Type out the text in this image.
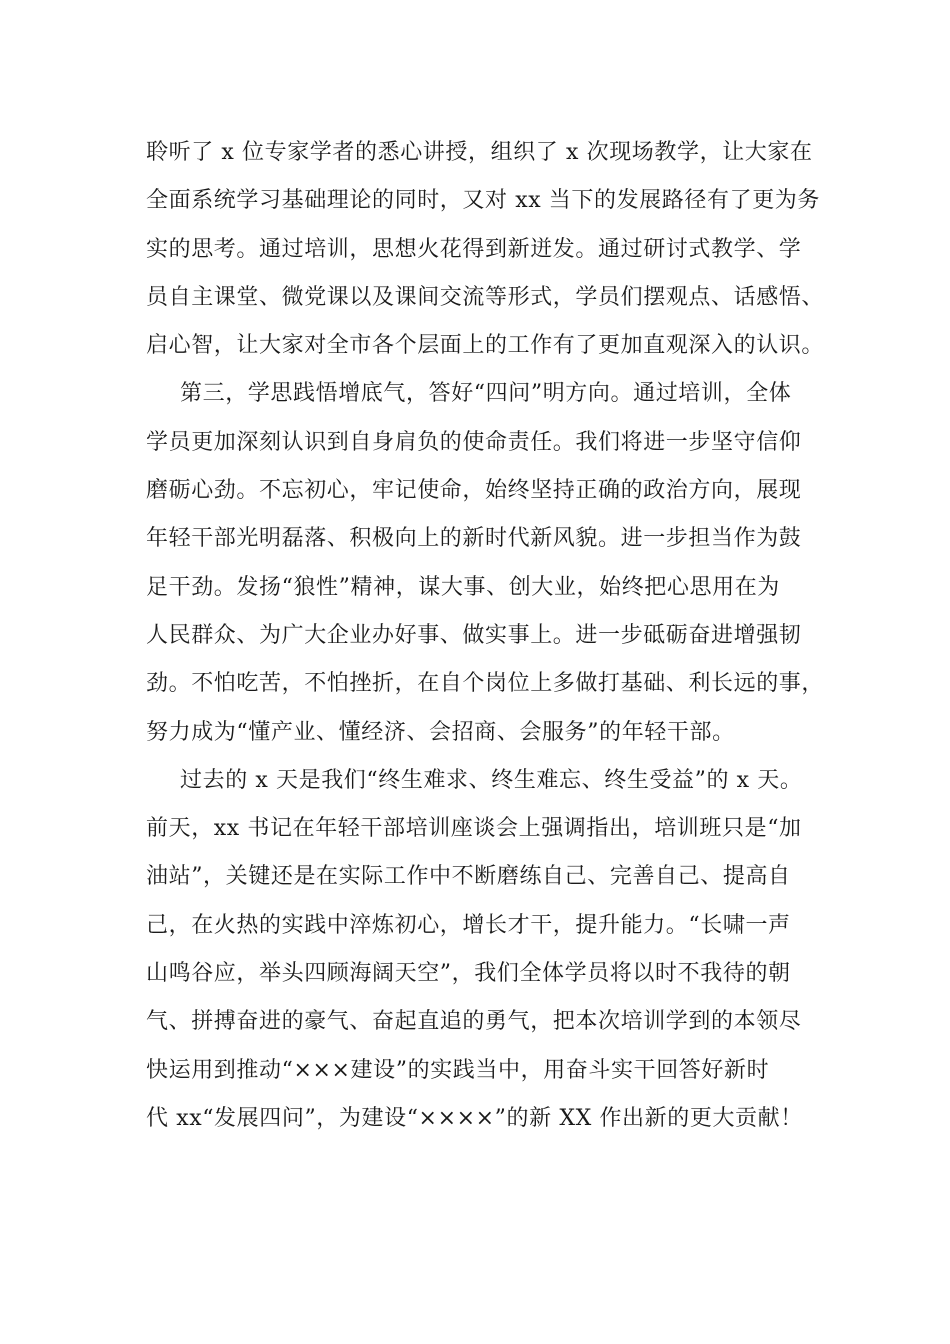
聆听了 x 位专家学者的悉心讲授，组织了 x 次现场教学，让大家在
全面系统学习基础理论的同时，又对 xx 当下的发展路径有了更为务
实的思考。通过培训，思想火花得到新迸发。通过研讨式教学、学
员自主课堂、微党课以及课间交流等形式，学员们摆观点、话感悟、
启心智，让大家对全市各个层面上的工作有了更加直观深入的认识。
第三，学思践悟增底气，答好“四问”明方向。通过培训，全体
学员更加深刻认识到自身肩负的使命责任。我们将进一步坚守信仰
磨砺心劲。不忘初心，牢记使命，始终坚持正确的政治方向，展现
年轻干部光明磊落、积极向上的新时代新风貌。进一步担当作为鼓
足干劲。发扬“狼性”精神，谋大事、创大业，始终把心思用在为
人民群众、为广大企业办好事、做实事上。进一步砥砺奋进增强韧
劲。不怕吃苦，不怕挫折，在自个岗位上多做打基础、利长远的事，
努力成为“懂产业、懂经济、会招商、会服务”的年轻干部。
过去的 x 天是我们“终生难求、终生难忘、终生受益”的 x 天。
前天，xx 书记在年轻干部培训座谈会上强调指出，培训班只是“加
油站”，关键还是在实际工作中不断磨练自己、完善自己、提高自
己，在火热的实践中淬炼初心，增长才干，提升能力。“长啸一声
山鸣谷应，举头四顾海阔天空”，我们全体学员将以时不我待的朝
气、拼搏奋进的豪气、奋起直追的勇气，把本次培训学到的本领尽
快运用到推动“×××建设”的实践当中，用奋斗实干回答好新时
代 xx“发展四问”，为建设“××××”的新 XX 作出新的更大贡献！
